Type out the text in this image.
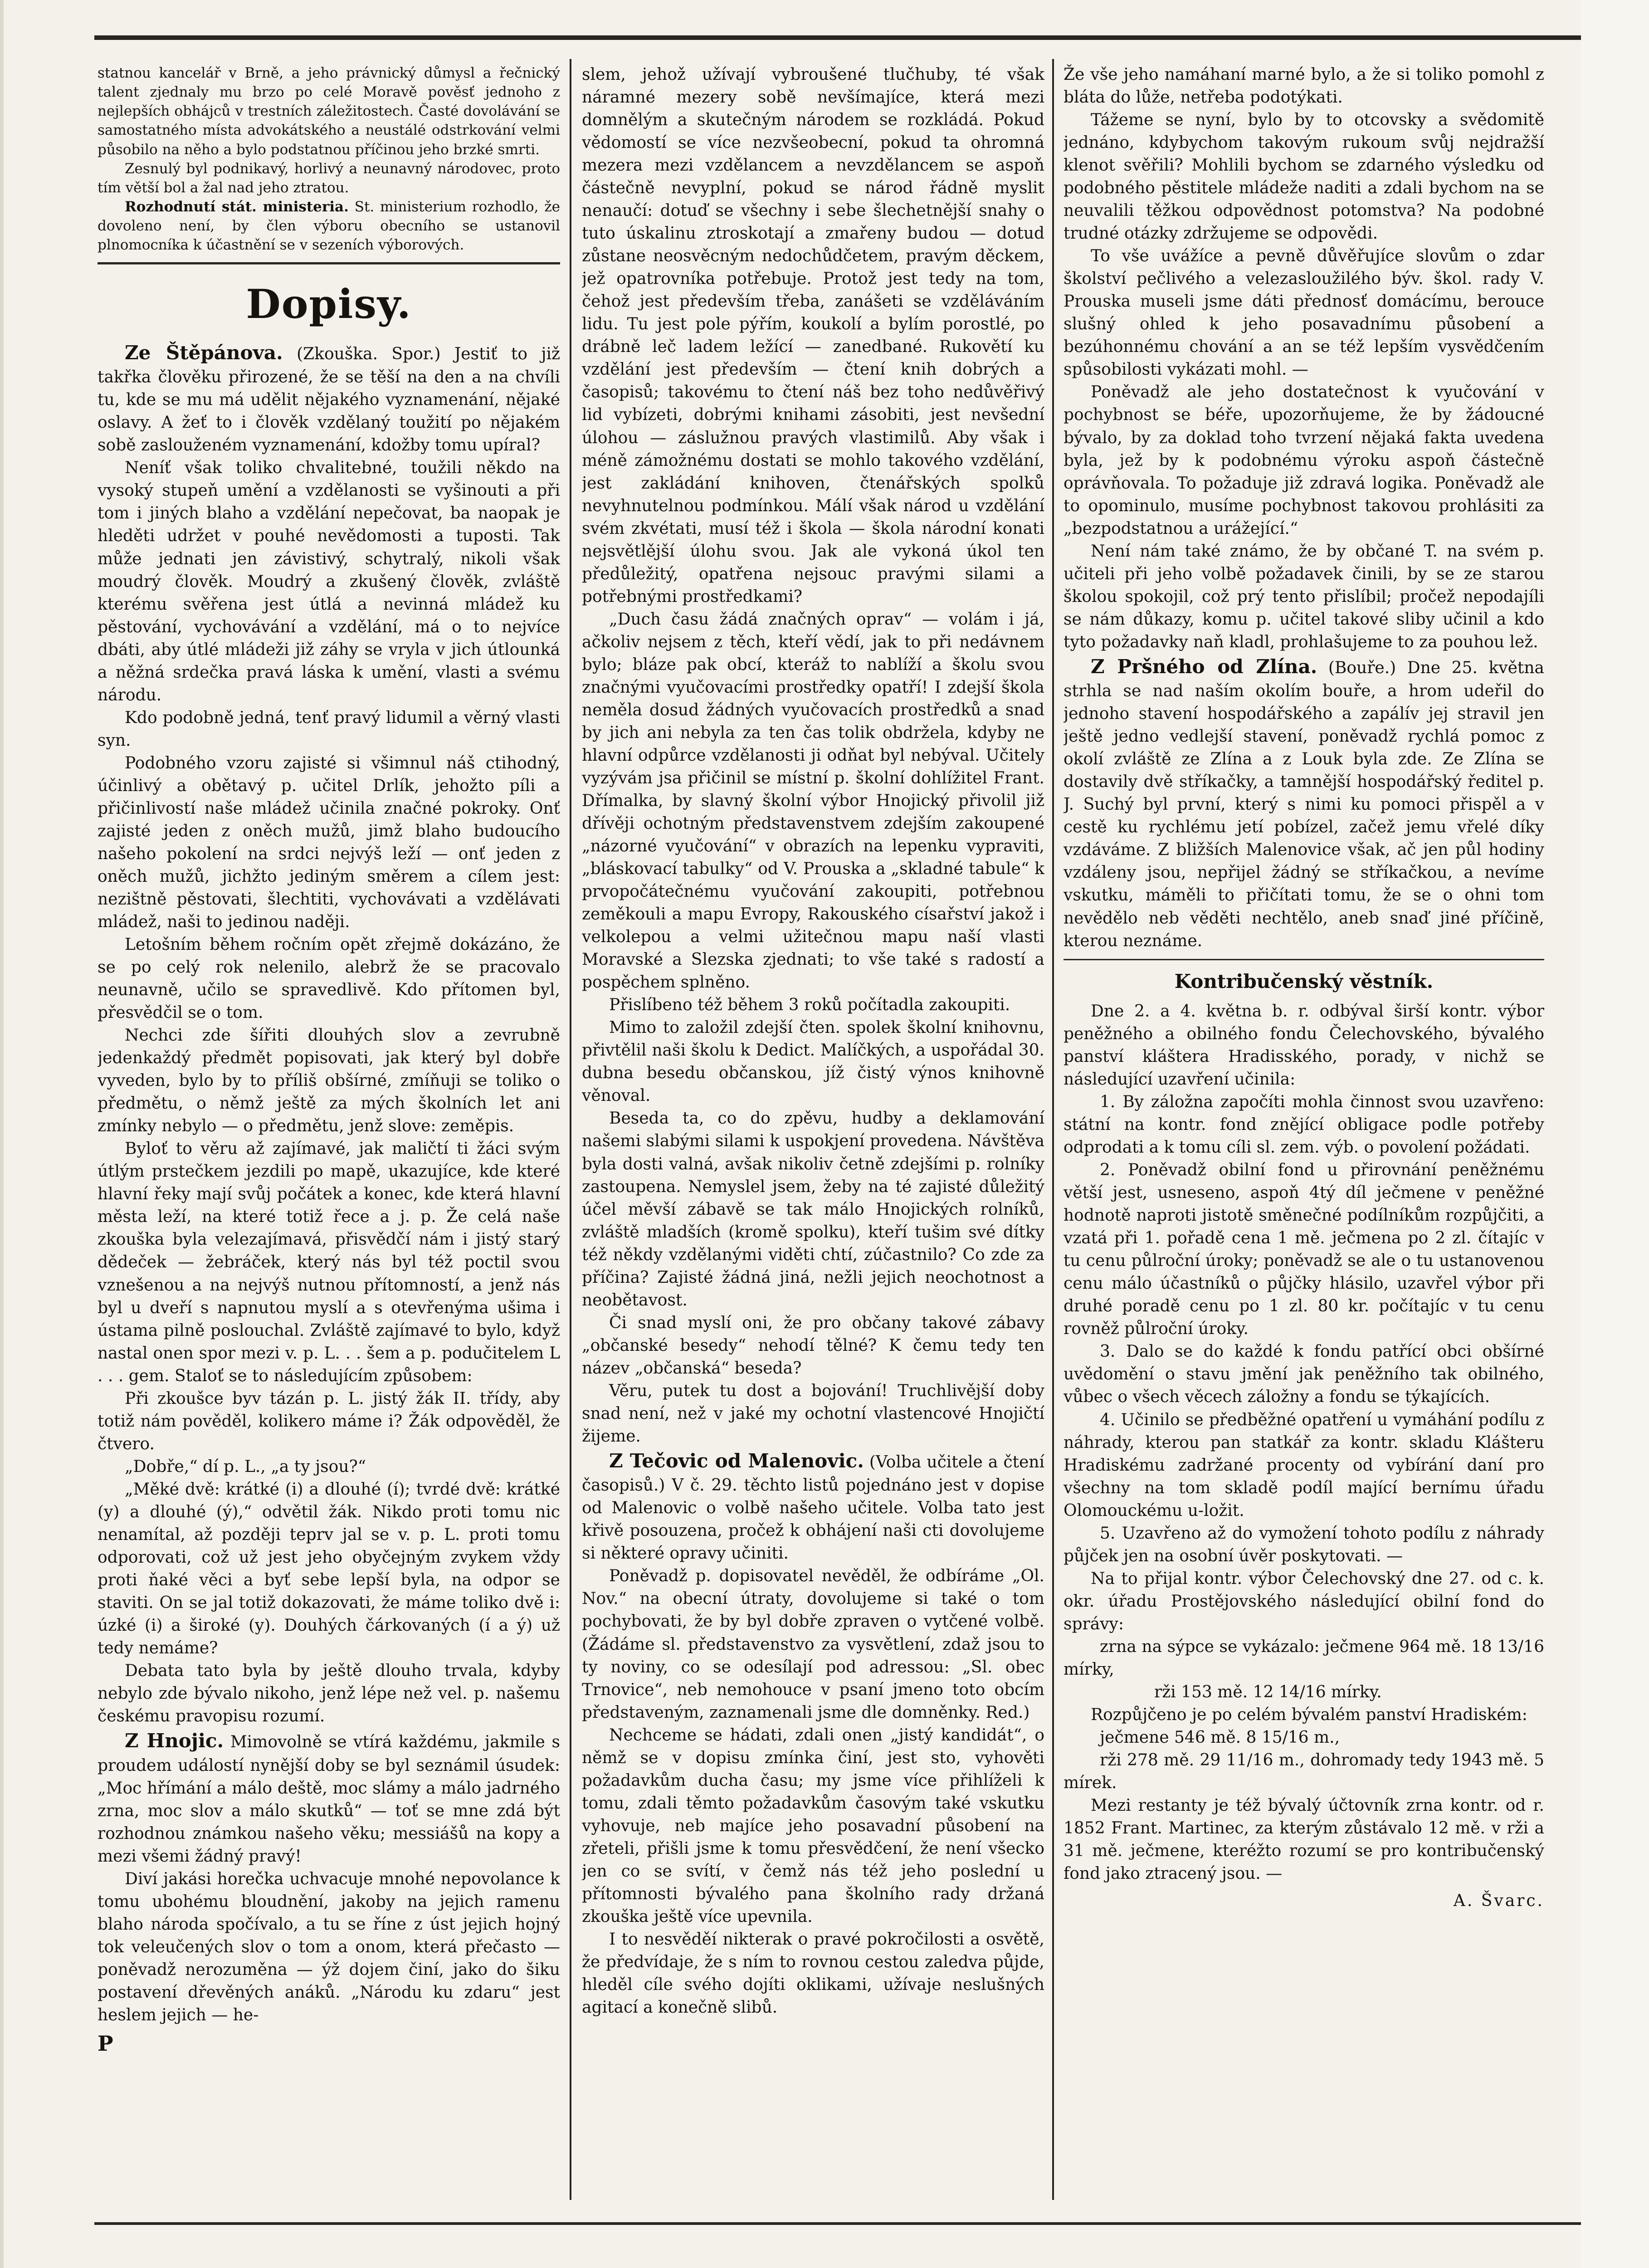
statnou kancelář v Brně, a jeho právnický důmysl a řečnický talent zjednaly mu brzo po celé Moravě pověsť jednoho z nejlepších obhájců v trestních záležitostech. Časté dovolávání se samostatného místa advokátského a neustálé odstrkování velmi působilo na něho a bylo podstatnou příčinou jeho brzké smrti.

Zesnulý byl podnikavý, horlivý a neunavný národovec, proto tím větší bol a žal nad jeho ztratou.

Rozhodnutí stát. ministeria. St. ministerium rozhodlo, že dovoleno není, by člen výboru obecního se ustanovil plnomocníka k účastnění se v sezeních výborových.

Dopisy.

Ze Štěpánova. (Zkouška. Spor.) Jestiť to již takřka člověku přirozené, že se těší na den a na chvíli tu, kde se mu má udělit nějakého vyznamenání, nějaké oslavy. A žeť to i člověk vzdělaný toužití po nějakém sobě zaslouženém vyznamenání, kdožby tomu upíral?

Neníť však toliko chvalitebné, toužili někdo na vysoký stupeň umění a vzdělanosti se vyšinouti a při tom i jiných blaho a vzdělání nepečovat, ba naopak je hleděti udržet v pouhé nevědomosti a tuposti. Tak může jednati jen závistivý, schytralý, nikoli však moudrý člověk. Moudrý a zkušený člověk, zvláště kterému svěřena jest útlá a nevinná mládež ku pěstování, vychovávání a vzdělání, má o to nejvíce dbáti, aby útlé mládeži již záhy se vryla v jich útlounká a něžná srdečka pravá láska k umění, vlasti a svému národu.

Kdo podobně jedná, tenť pravý lidumil a věrný vlasti syn.

Podobného vzoru zajisté si všimnul náš ctihodný, účinlivý a obětavý p. učitel Drlík, jehožto píli a přičinlivostí naše mládež učinila značné pokroky. Onť zajisté jeden z oněch mužů, jimž blaho budoucího našeho pokolení na srdci nejvýš leží — onť jeden z oněch mužů, jichžto jediným směrem a cílem jest: nezištně pěstovati, šlechtiti, vychovávati a vzdělávati mládež, naši to jedinou naději.

Letošním během ročním opět zřejmě dokázáno, že se po celý rok nelenilo, alebrž že se pracovalo neunavně, učilo se spravedlivě. Kdo přítomen byl, přesvědčil se o tom.

Nechci zde šířiti dlouhých slov a zevrubně jedenkaždý předmět popisovati, jak který byl dobře vyveden, bylo by to příliš obšírné, zmíňuji se toliko o předmětu, o němž ještě za mých školních let ani zmínky nebylo — o předmětu, jenž slove: zeměpis.

Byloť to věru až zajímavé, jak maličtí ti žáci svým útlým prstečkem jezdili po mapě, ukazujíce, kde které hlavní řeky mají svůj počátek a konec, kde která hlavní města leží, na které totiž řece a j. p. Že celá naše zkouška byla velezajímavá, přisvědčí nám i jistý starý dědeček — žebráček, který nás byl též poctil svou vznešenou a na nejvýš nutnou přítomností, a jenž nás byl u dveří s napnutou myslí a s otevřenýma ušima i ústama pilně poslouchal. Zvláště zajímavé to bylo, když nastal onen spor mezi v. p. L. . . šem a p. podučitelem L . . . gem. Staloť se to následujícím způsobem:

Při zkoušce byv tázán p. L. jistý žák II. třídy, aby totiž nám pověděl, kolikero máme i? Žák odpověděl, že čtvero.

„Dobře,“ dí p. L., „a ty jsou?“

„Měké dvě: krátké (i) a dlouhé (í); tvrdé dvě: krátké (y) a dlouhé (ý),“ odvětil žák. Nikdo proti tomu nic nenamítal, až později teprv jal se v. p. L. proti tomu odporovati, což už jest jeho obyčejným zvykem vždy proti ňaké věci a byť sebe lepší byla, na odpor se staviti. On se jal totiž dokazovati, že máme toliko dvě i: úzké (i) a široké (y). Douhých čárkovaných (í a ý) už tedy nemáme?

Debata tato byla by ještě dlouho trvala, kdyby nebylo zde bývalo nikoho, jenž lépe než vel. p. našemu českému pravopisu rozumí.

Z Hnojic. Mimovolně se vtírá každému, jakmile s proudem událostí nynější doby se byl seznámil úsudek: „Moc hřímání a málo deště, moc slámy a málo jadrného zrna, moc slov a málo skutků“ — toť se mne zdá být rozhodnou známkou našeho věku; messiášů na kopy a mezi všemi žádný pravý!

Diví jakási horečka uchvacuje mnohé nepovolance k tomu ubohému bloudnění, jakoby na jejich ramenu blaho národa spočívalo, a tu se říne z úst jejich hojný tok veleučených slov o tom a onom, která přečasto — poněvadž nerozuměna — ýž dojem činí, jako do šiku postavení dřevěných anáků. „Národu ku zdaru“ jest heslem jejich — he-

P

slem, jehož užívají vybroušené tlučhuby, té však náramné mezery sobě nevšímajíce, která mezi domnělým a skutečným národem se rozkládá. Pokud vědomostí se více nezvšeobecní, pokud ta ohromná mezera mezi vzdělancem a nevzdělancem se aspoň částečně nevyplní, pokud se národ řádně myslit nenaučí: dotuď se všechny i sebe šlechetnější snahy o tuto úskalinu ztroskotají a zmařeny budou — dotud zůstane neosvěcným nedochůdčetem, pravým děckem, jež opatrovníka potřebuje. Protož jest tedy na tom, čehož jest především třeba, zanášeti se vzděláváním lidu. Tu jest pole pýřím, koukolí a bylím porostlé, po drábně leč ladem ležící — zanedbané. Rukovětí ku vzdělání jest především — čtení knih dobrých a časopisů; takovému to čtení náš bez toho nedůvěřivý lid vybízeti, dobrými knihami zásobiti, jest nevšední úlohou — záslužnou pravých vlastimilů. Aby však i méně zámožnému dostati se mohlo takového vzdělání, jest zakládání knihoven, čtenářských spolků nevyhnutelnou podmínkou. Málí však národ u vzdělání svém zkvétati, musí též i škola — škola národní konati nejsvětlější úlohu svou. Jak ale vykoná úkol ten předůležitý, opatřena nejsouc pravými silami a potřebnými prostředkami?

„Duch času žádá značných oprav“ — volám i já, ačkoliv nejsem z těch, kteří vědí, jak to při nedávnem bylo; bláze pak obcí, kteráž to nablíží a školu svou značnými vyučovacími prostředky opatří! I zdejší škola neměla dosud žádných vyučovacích prostředků a snad by jich ani nebyla za ten čas tolik obdržela, kdyby ne hlavní odpůrce vzdělanosti ji odňat byl nebýval. Učitely vyzývám jsa přičinil se místní p. školní dohlížitel Frant. Dřímalka, by slavný školní výbor Hnojický přivolil již dřívěji ochotným představenstvem zdejším zakoupené „názorné vyučování“ v obrazích na lepenku vypraviti, „bláskovací tabulky“ od V. Prouska a „skladné tabule“ k prvopočátečnému vyučování zakoupiti, potřebnou zeměkouli a mapu Evropy, Rakouského císařství jakož i velkolepou a velmi užitečnou mapu naší vlasti Moravské a Slezska zjednati; to vše také s radostí a pospěchem splněno.

Přislíbeno též během 3 roků počítadla zakoupiti.

Mimo to založil zdejší čten. spolek školní knihovnu, přivtělil naši školu k Dedict. Malíčkých, a uspořádal 30. dubna besedu občanskou, jíž čistý výnos knihovně věnoval.

Beseda ta, co do zpěvu, hudby a deklamování našemi slabými silami k uspokjení provedena. Návštěva byla dosti valná, avšak nikoliv četně zdejšími p. rolníky zastoupena. Nemyslel jsem, žeby na té zajisté důležitý účel měvší zábavě se tak málo Hnojických rolníků, zvláště mladších (kromě spolku), kteří tušim své dítky též někdy vzdělanými viděti chtí, zúčastnilo? Co zde za příčina? Zajisté žádná jiná, nežli jejich neochotnost a neobětavost.

Či snad myslí oni, že pro občany takové zábavy „občanské besedy“ nehodí tělné? K čemu tedy ten název „občanská“ beseda?

Věru, putek tu dost a bojování! Truchlivější doby snad není, než v jaké my ochotní vlastencové Hnojičtí žijeme.

Z Tečovic od Malenovic. (Volba učitele a čtení časopisů.) V č. 29. těchto listů pojednáno jest v dopise od Malenovic o volbě našeho učitele. Volba tato jest křivě posouzena, pročež k obhájení naši cti dovolujeme si některé opravy učiniti.

Poněvadž p. dopisovatel nevěděl, že odbíráme „Ol. Nov.“ na obecní útraty, dovolujeme si také o tom pochybovati, že by byl dobře zpraven o vytčené volbě. (Žádáme sl. představenstvo za vysvětlení, zdaž jsou to ty noviny, co se odesílají pod adressou: „Sl. obec Trnovice“, neb nemohouce v psaní jmeno toto obcím představeným, zaznamenali jsme dle domněnky. Red.)

Nechceme se hádati, zdali onen „jistý kandidát“, o němž se v dopisu zmínka činí, jest sto, vyhověti požadavkům ducha času; my jsme více přihlíželi k tomu, zdali těmto požadavkům časovým také vskutku vyhovuje, neb majíce jeho posavadní působení na zřeteli, přišli jsme k tomu přesvědčení, že není všecko jen co se svítí, v čemž nás též jeho poslední u přítomnosti bývalého pana školního rady držaná zkouška ještě více upevnila.

I to nesvěděí nikterak o pravé pokročilosti a osvětě, že předvídaje, že s ním to rovnou cestou zaledva půjde, hleděl cíle svého dojíti oklikami, užívaje neslušných agitací a konečně slibů.

Že vše jeho namáhaní marné bylo, a že si toliko pomohl z bláta do lůže, netřeba podotýkati.

Tážeme se nyní, bylo by to otcovsky a svědomitě jednáno, kdybychom takovým rukoum svůj nejdražší klenot svěřili? Mohlili bychom se zdarného výsledku od podobného pěstitele mládeže naditi a zdali bychom na se neuvalili těžkou odpovědnost potomstva? Na podobné trudné otázky zdržujeme se odpovědi.

To vše uvážíce a pevně důvěřujíce slovům o zdar školství pečlivého a velezasloužilého býv. škol. rady V. Prouska museli jsme dáti přednosť domácímu, berouce slušný ohled k jeho posavadnímu působení a bezúhonnému chování a an se též lepším vysvědčením spůsobilosti vykázati mohl. —

Poněvadž ale jeho dostatečnost k vyučování v pochybnost se béře, upozorňujeme, že by žádoucné bývalo, by za doklad toho tvrzení nějaká fakta uvedena byla, jež by k podobnému výroku aspoň částečně oprávňovala. To požaduje již zdravá logika. Poněvadž ale to opominulo, musíme pochybnost takovou prohlásiti za „bezpodstatnou a urážející.“

Není nám také známo, že by občané T. na svém p. učiteli při jeho volbě požadavek činili, by se ze starou školou spokojil, což prý tento přislíbil; pročež nepodajíli se nám důkazy, komu p. učitel takové sliby učinil a kdo tyto požadavky naň kladl, prohlašujeme to za pouhou lež.

Z Pršného od Zlína. (Bouře.) Dne 25. května strhla se nad naším okolím bouře, a hrom udeřil do jednoho stavení hospodářského a zapálív jej stravil jen ještě jedno vedlejší stavení, poněvadž rychlá pomoc z okolí zvláště ze Zlína a z Louk byla zde. Ze Zlína se dostavily dvě stříkačky, a tamnější hospodářský ředitel p. J. Suchý byl první, který s nimi ku pomoci přispěl a v cestě ku rychlému jetí pobízel, začež jemu vřelé díky vzdáváme. Z bližších Malenovice však, ač jen půl hodiny vzdáleny jsou, nepřijel žádný se stříkačkou, a nevíme vskutku, máměli to přičítati tomu, že se o ohni tom nevědělo neb věděti nechtělo, aneb snaď jiné příčině, kterou neznáme.

Kontribučenský věstník.

Dne 2. a 4. května b. r. odbýval širší kontr. výbor peněžného a obilného fondu Čelechovského, bývalého panství kláštera Hradisského, porady, v nichž se následující uzavření učinila:

1. By záložna započíti mohla činnost svou uzavřeno: státní na kontr. fond znějící obligace podle potřeby odprodati a k tomu cíli sl. zem. výb. o povolení požádati.

2. Poněvadž obilní fond u přirovnání peněžnému větší jest, usneseno, aspoň 4tý díl ječmene v peněžné hodnotě naproti jistotě směnečné podílníkům rozpůjčiti, a vzatá při 1. pořadě cena 1 mě. ječmena po 2 zl. čítajíc v tu cenu půlroční úroky; poněvadž se ale o tu ustanovenou cenu málo účastníků o půjčky hlásilo, uzavřel výbor při druhé poradě cenu po 1 zl. 80 kr. počítajíc v tu cenu rovněž půlroční úroky.

3. Dalo se do každé k fondu patřící obci obšírné uvědomění o stavu jmění jak peněžního tak obilného, vůbec o všech věcech záložny a fondu se týkajících.

4. Učinilo se předběžné opatření u vymáhání podílu z náhrady, kterou pan statkář za kontr. skladu Klášteru Hradiskému zadržané procenty od vybírání daní pro všechny na tom skladě podíl mající bernímu úřadu Olomouckému u-ložit.

5. Uzavřeno až do vymožení tohoto podílu z náhrady půjček jen na osobní úvěr poskytovati. —

Na to přijal kontr. výbor Čelechovský dne 27. od c. k. okr. úřadu Prostějovského následující obilní fond do správy:

zrna na sýpce se vykázalo: ječmene 964 mě. 18 13/16 mírky,

rži 153 mě. 12 14/16 mírky.

Rozpůjčeno je po celém bývalém panství Hradiském:

ječmene 546 mě. 8 15/16 m.,

rži 278 mě. 29 11/16 m., dohromady tedy 1943 mě. 5 mírek.

Mezi restanty je též bývalý účtovník zrna kontr. od r. 1852 Frant. Martinec, za kterým zůstávalo 12 mě. v rži a 31 mě. ječmene, kteréžto rozumí se pro kontribučenský fond jako ztracený jsou. —

A. Švarc.
